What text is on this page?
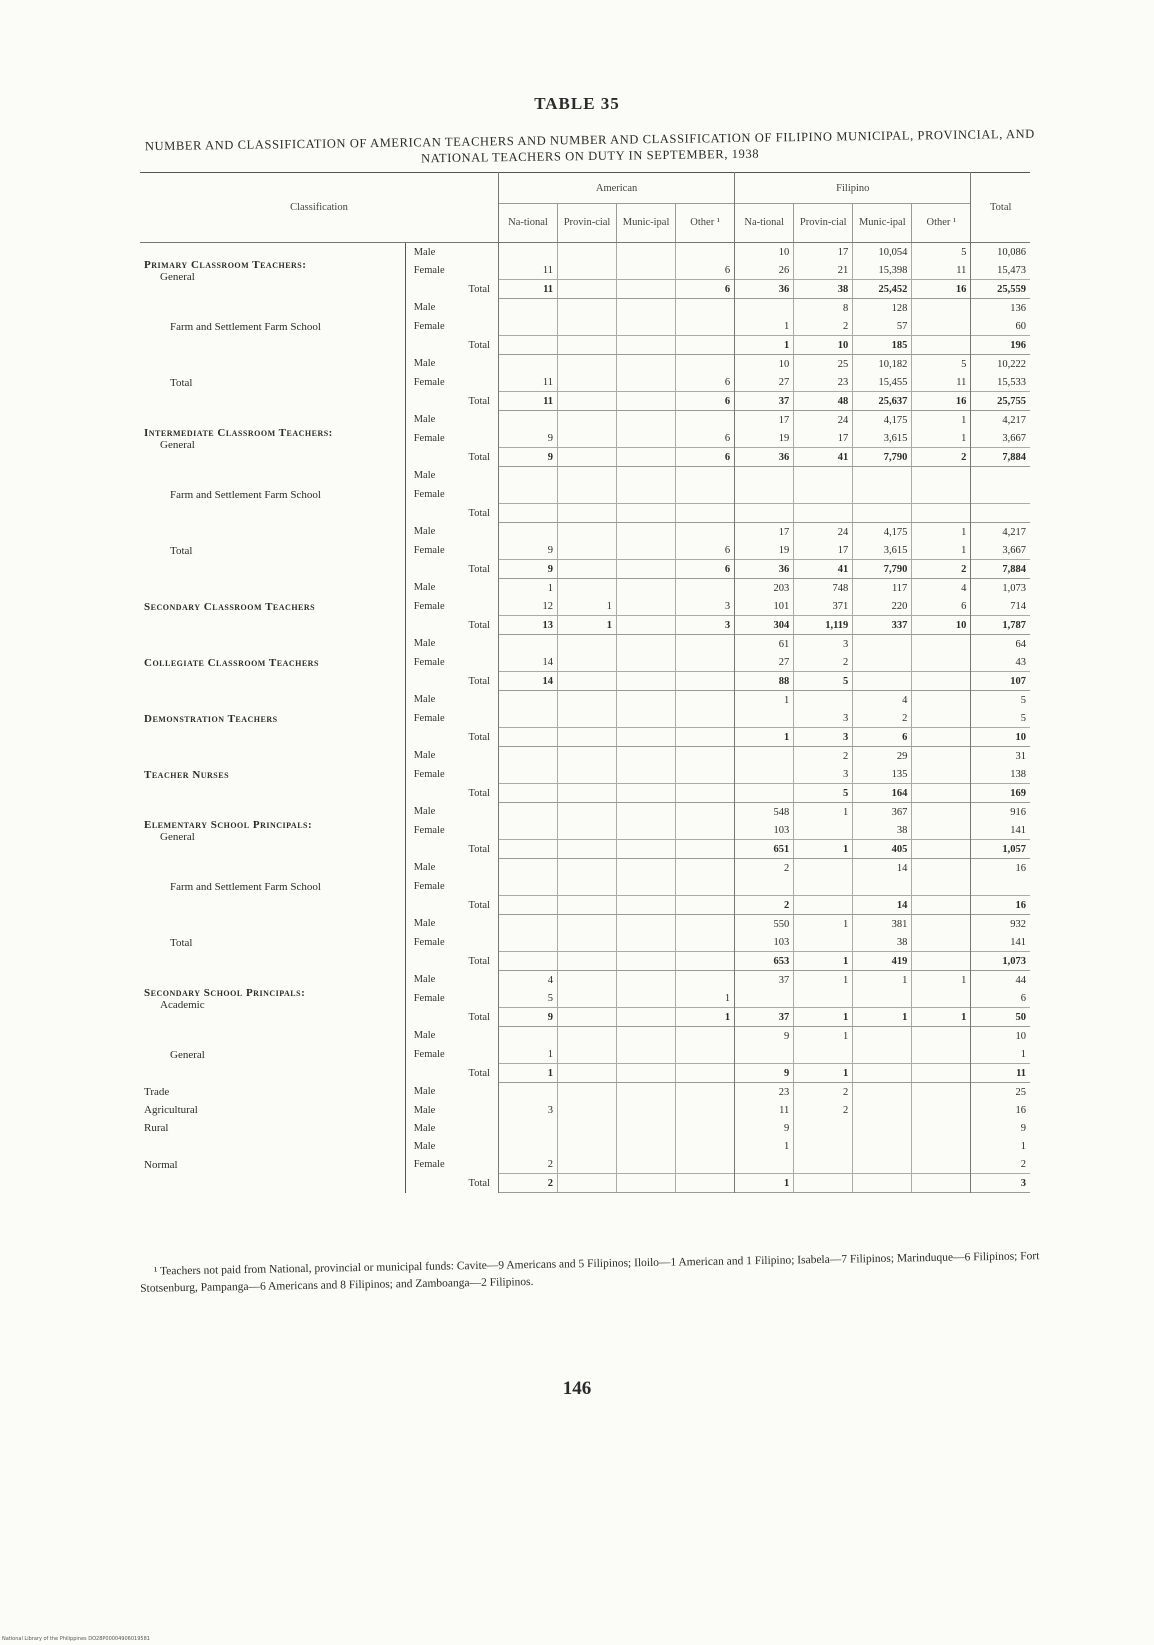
TABLE 35
NUMBER AND CLASSIFICATION OF AMERICAN TEACHERS AND NUMBER AND CLASSIFICATION OF FILIPINO MUNICIPAL, PROVINCIAL, AND NATIONAL TEACHERS ON DUTY IN SEPTEMBER, 1938
Classification		American				Filipino				Total
		Na-tional	Provin-cial	Munic-ipal	Other ¹	Na-tional	Provin-cial	Munic-ipal	Other ¹	
Primary Classroom Teachers:
General	Male					10	17	10,054	5	10,086
	Female	11			6	26	21	15,398	11	15,473
	Total	11			6	36	38	25,452	16	25,559
Farm and Settlement Farm School	Male						8	128		136
	Female					1	2	57		60
	Total					1	10	185		196
Total	Male					10	25	10,182	5	10,222
	Female	11			6	27	23	15,455	11	15,533
	Total	11			6	37	48	25,637	16	25,755
Intermediate Classroom Teachers:
General	Male					17	24	4,175	1	4,217
	Female	9			6	19	17	3,615	1	3,667
	Total	9			6	36	41	7,790	2	7,884
Farm and Settlement Farm School	Male									
	Female									
	Total									
Total	Male					17	24	4,175	1	4,217
	Female	9			6	19	17	3,615	1	3,667
	Total	9			6	36	41	7,790	2	7,884
Secondary Classroom Teachers	Male	1				203	748	117	4	1,073
	Female	12	1		3	101	371	220	6	714
	Total	13	1		3	304	1,119	337	10	1,787
Collegiate Classroom Teachers	Male					61	3			64
	Female	14				27	2			43
	Total	14				88	5			107
Demonstration Teachers	Male					1		4		5
	Female						3	2		5
	Total					1	3	6		10
Teacher Nurses	Male						2	29		31
	Female						3	135		138
	Total						5	164		169
Elementary School Principals:
General	Male					548	1	367		916
	Female					103		38		141
	Total					651	1	405		1,057
Farm and Settlement Farm School	Male					2		14		16
	Female									
	Total					2		14		16
Total	Male					550	1	381		932
	Female					103		38		141
	Total					653	1	419		1,073
Secondary School Principals:
Academic	Male	4				37	1	1	1	44
	Female	5			1					6
	Total	9			1	37	1	1	1	50
General	Male					9	1			10
	Female	1								1
	Total	1				9	1			11
Trade	Male					23	2			25
Agricultural	Male	3				11	2			16
Rural	Male					9				9
Normal	Male					1				1
	Female	2								2
	Total	2				1				3
¹ Teachers not paid from National, provincial or municipal funds: Cavite—9 Americans and 5 Filipinos; Iloilo—1 American and 1 Filipino; Isabela—7 Filipinos; Marinduque—6 Filipinos; Fort Stotsenburg, Pampanga—6 Americans and 8 Filipinos; and Zamboanga—2 Filipinos.
146
National Library of the Philippines DO28P00004906019581
